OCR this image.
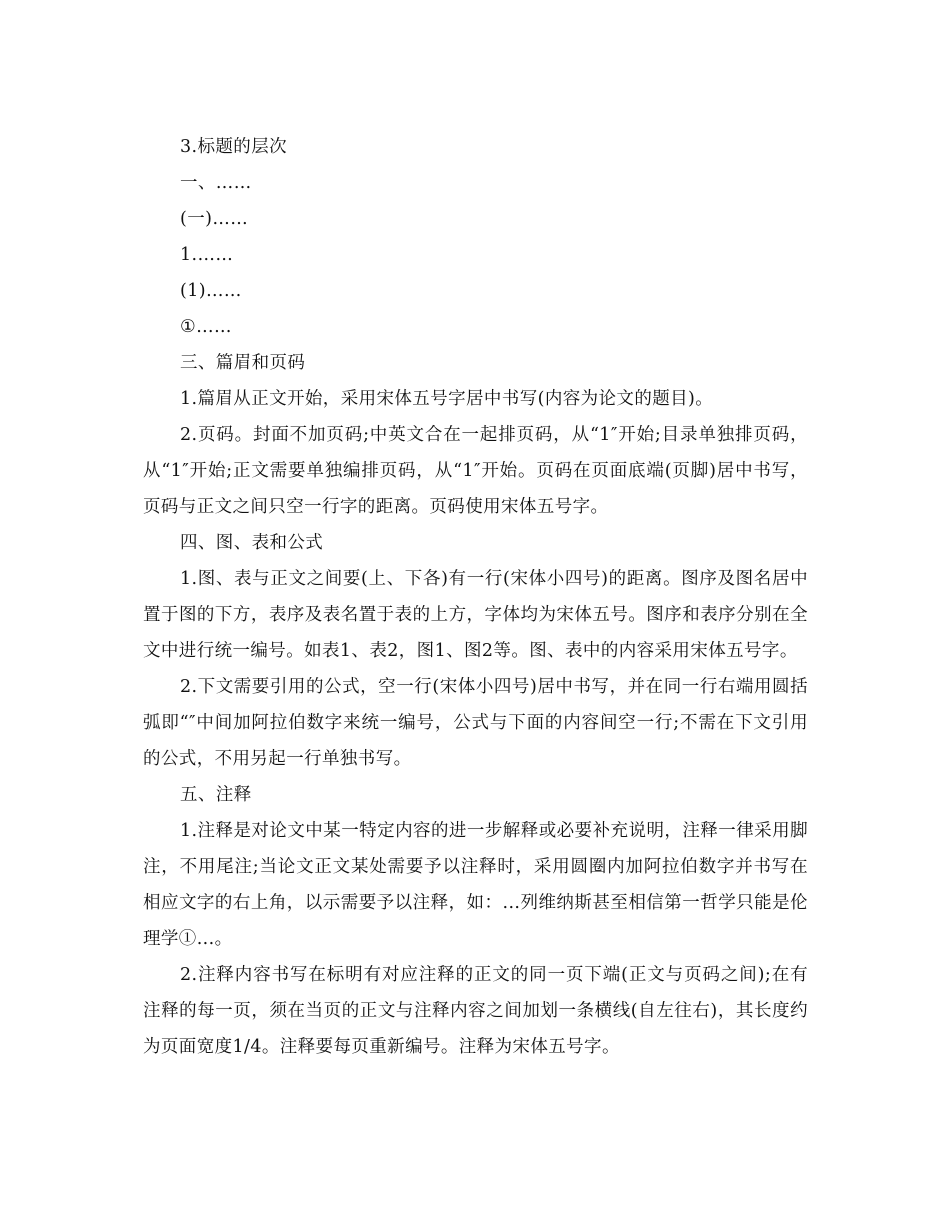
3.标题的层次

一、……

(一)……

1.……

(1)……

①……

三、篇眉和页码

1.篇眉从正文开始，采用宋体五号字居中书写(内容为论文的题目)。

2.页码。封面不加页码;中英文合在一起排页码，从“1″开始;目录单独排页码，从“1″开始;正文需要单独编排页码，从“1″开始。页码在页面底端(页脚)居中书写，页码与正文之间只空一行字的距离。页码使用宋体五号字。

四、图、表和公式

1.图、表与正文之间要(上、下各)有一行(宋体小四号)的距离。图序及图名居中置于图的下方，表序及表名置于表的上方，字体均为宋体五号。图序和表序分别在全文中进行统一编号。如表1、表2，图1、图2等。图、表中的内容采用宋体五号字。

2.下文需要引用的公式，空一行(宋体小四号)居中书写，并在同一行右端用圆括弧即“″中间加阿拉伯数字来统一编号，公式与下面的内容间空一行;不需在下文引用的公式，不用另起一行单独书写。

五、注释

1.注释是对论文中某一特定内容的进一步解释或必要补充说明，注释一律采用脚注，不用尾注;当论文正文某处需要予以注释时，采用圆圈内加阿拉伯数字并书写在相应文字的右上角，以示需要予以注释，如：...列维纳斯甚至相信第一哲学只能是伦理学①...。

2.注释内容书写在标明有对应注释的正文的同一页下端(正文与页码之间);在有注释的每一页，须在当页的正文与注释内容之间加划一条横线(自左往右)，其长度约为页面宽度1/4。注释要每页重新编号。注释为宋体五号字。
